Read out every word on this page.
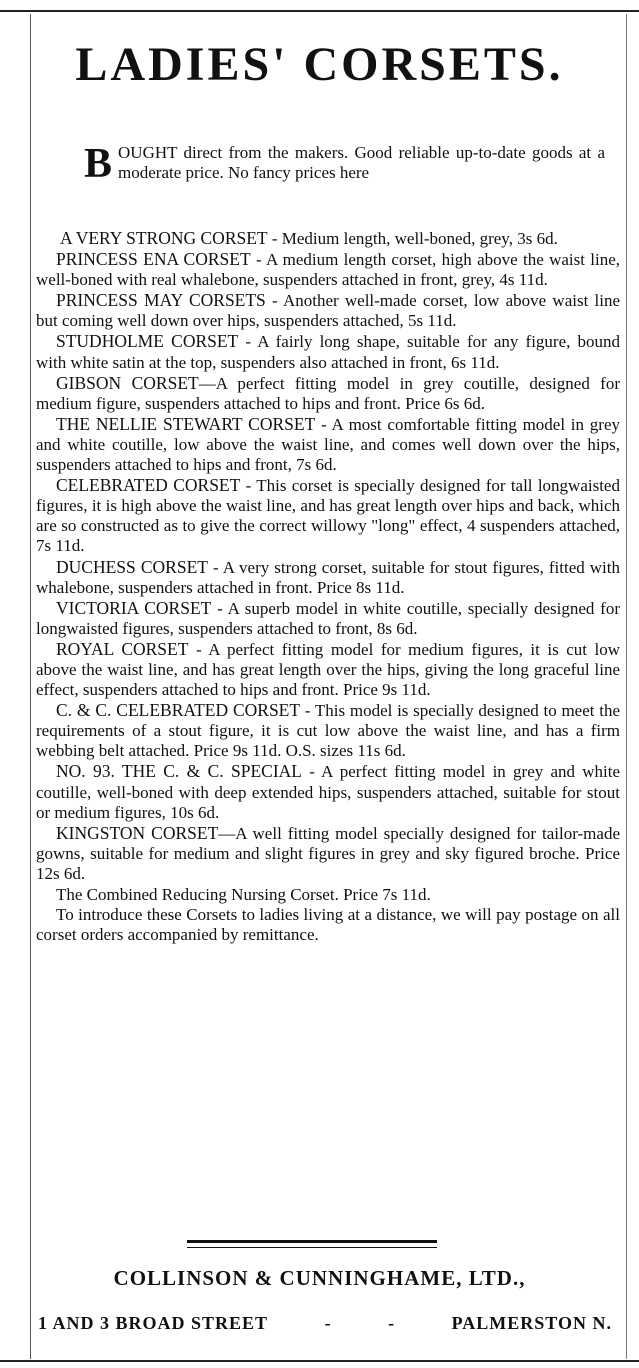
LADIES' CORSETS.
B OUGHT direct from the makers. Good reliable up-to-date goods at a moderate price. No fancy prices here

A VERY STRONG CORSET - Medium length, well-boned, grey, 3s 6d.

PRINCESS ENA CORSET - A medium length corset, high above the waist line, well-boned with real whalebone, suspenders attached in front, grey, 4s 11d.

PRINCESS MAY CORSETS - Another well-made corset, low above waist line but coming well down over hips, suspenders attached, 5s 11d.

STUDHOLME CORSET - A fairly long shape, suitable for any figure, bound with white satin at the top, suspenders also attached in front, 6s 11d.

GIBSON CORSET—A perfect fitting model in grey coutille, designed for medium figure, suspenders attached to hips and front. Price 6s 6d.

THE NELLIE STEWART CORSET - A most comfortable fitting model in grey and white coutille, low above the waist line, and comes well down over the hips, suspenders attached to hips and front, 7s 6d.

CELEBRATED CORSET - This corset is specially designed for tall longwaisted figures, it is high above the waist line, and has great length over hips and back, which are so constructed as to give the correct willowy "long" effect, 4 suspenders attached, 7s 11d.

DUCHESS CORSET - A very strong corset, suitable for stout figures, fitted with whalebone, suspenders attached in front. Price 8s 11d.

VICTORIA CORSET - A superb model in white coutille, specially designed for longwaisted figures, suspenders attached to front, 8s 6d.

ROYAL CORSET - A perfect fitting model for medium figures, it is cut low above the waist line, and has great length over the hips, giving the long graceful line effect, suspenders attached to hips and front. Price 9s 11d.

C. & C. CELEBRATED CORSET - This model is specially designed to meet the requirements of a stout figure, it is cut low above the waist line, and has a firm webbing belt attached. Price 9s 11d. O.S. sizes 11s 6d.

NO. 93. THE C. & C. SPECIAL - A perfect fitting model in grey and white coutille, well-boned with deep extended hips, suspenders attached, suitable for stout or medium figures, 10s 6d.

KINGSTON CORSET—A well fitting model specially designed for tailor-made gowns, suitable for medium and slight figures in grey and sky figured broche. Price 12s 6d.

The Combined Reducing Nursing Corset. Price 7s 11d.

To introduce these Corsets to ladies living at a distance, we will pay postage on all corset orders accompanied by remittance.

COLLINSON & CUNNINGHAME, LTD.,
1 AND 3 BROAD STREET	-	-	PALMERSTON N.
